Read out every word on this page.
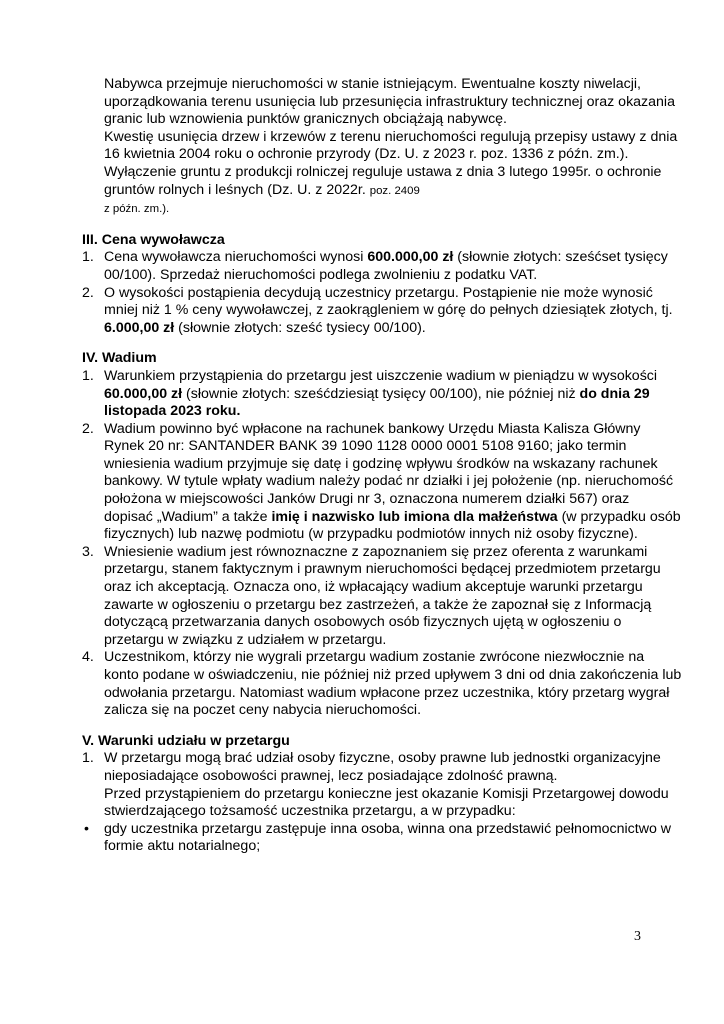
Nabywca przejmuje nieruchomości w stanie istniejącym. Ewentualne koszty niwelacji, uporządkowania terenu usunięcia lub przesunięcia infrastruktury technicznej oraz okazania granic lub wznowienia punktów granicznych obciążają nabywcę.

Kwestię usunięcia drzew i krzewów z terenu nieruchomości regulują przepisy ustawy z dnia 16 kwietnia 2004 roku o ochronie przyrody (Dz. U. z 2023 r. poz. 1336 z późn. zm.). Wyłączenie gruntu z produkcji rolniczej reguluje ustawa z dnia 3 lutego 1995r. o ochronie gruntów rolnych i leśnych (Dz. U. z 2022r. poz. 2409
z późn. zm.).

III. Cena wywoławcza
1. Cena wywoławcza nieruchomości wynosi 600.000,00 zł (słownie złotych: sześćset tysięcy 00/100). Sprzedaż nieruchomości podlega zwolnieniu z podatku VAT.
2. O wysokości postąpienia decydują uczestnicy przetargu. Postąpienie nie może wynosić mniej niż 1 % ceny wywoławczej, z zaokrągleniem w górę do pełnych dziesiątek złotych, tj. 6.000,00 zł (słownie złotych: sześć tysiecy 00/100).
IV. Wadium
1. Warunkiem przystąpienia do przetargu jest uiszczenie wadium w pieniądzu w wysokości 60.000,00 zł (słownie złotych: sześćdziesiąt tysięcy 00/100), nie później niż do dnia 29 listopada 2023 roku.
2. Wadium powinno być wpłacone na rachunek bankowy Urzędu Miasta Kalisza Główny Rynek 20 nr: SANTANDER BANK 39 1090 1128 0000 0001 5108 9160; jako termin wniesienia wadium przyjmuje się datę i godzinę wpływu środków na wskazany rachunek bankowy. W tytule wpłaty wadium należy podać nr działki i jej położenie (np. nieruchomość położona w miejscowości Janków Drugi nr 3, oznaczona numerem działki 567) oraz dopisać „Wadium” a także imię i nazwisko lub imiona dla małżeństwa (w przypadku osób fizycznych) lub nazwę podmiotu (w przypadku podmiotów innych niż osoby fizyczne).
3. Wniesienie wadium jest równoznaczne z zapoznaniem się przez oferenta z warunkami przetargu, stanem faktycznym i prawnym nieruchomości będącej przedmiotem przetargu oraz ich akceptacją. Oznacza ono, iż wpłacający wadium akceptuje warunki przetargu zawarte w ogłoszeniu o przetargu bez zastrzeżeń, a także że zapoznał się z Informacją dotyczącą przetwarzania danych osobowych osób fizycznych ujętą w ogłoszeniu o przetargu w związku z udziałem w przetargu.
4. Uczestnikom, którzy nie wygrali przetargu wadium zostanie zwrócone niezwłocznie na konto podane w oświadczeniu, nie później niż przed upływem 3 dni od dnia zakończenia lub odwołania przetargu. Natomiast wadium wpłacone przez uczestnika, który przetarg wygrał zalicza się na poczet ceny nabycia nieruchomości.
V. Warunki udziału w przetargu
1. W przetargu mogą brać udział osoby fizyczne, osoby prawne lub jednostki organizacyjne nieposiadające osobowości prawnej, lecz posiadające zdolność prawną.

Przed przystąpieniem do przetargu konieczne jest okazanie Komisji Przetargowej dowodu stwierdzającego tożsamość uczestnika przetargu, a w przypadku:

• gdy uczestnika przetargu zastępuje inna osoba, winna ona przedstawić pełnomocnictwo w formie aktu notarialnego;
3
